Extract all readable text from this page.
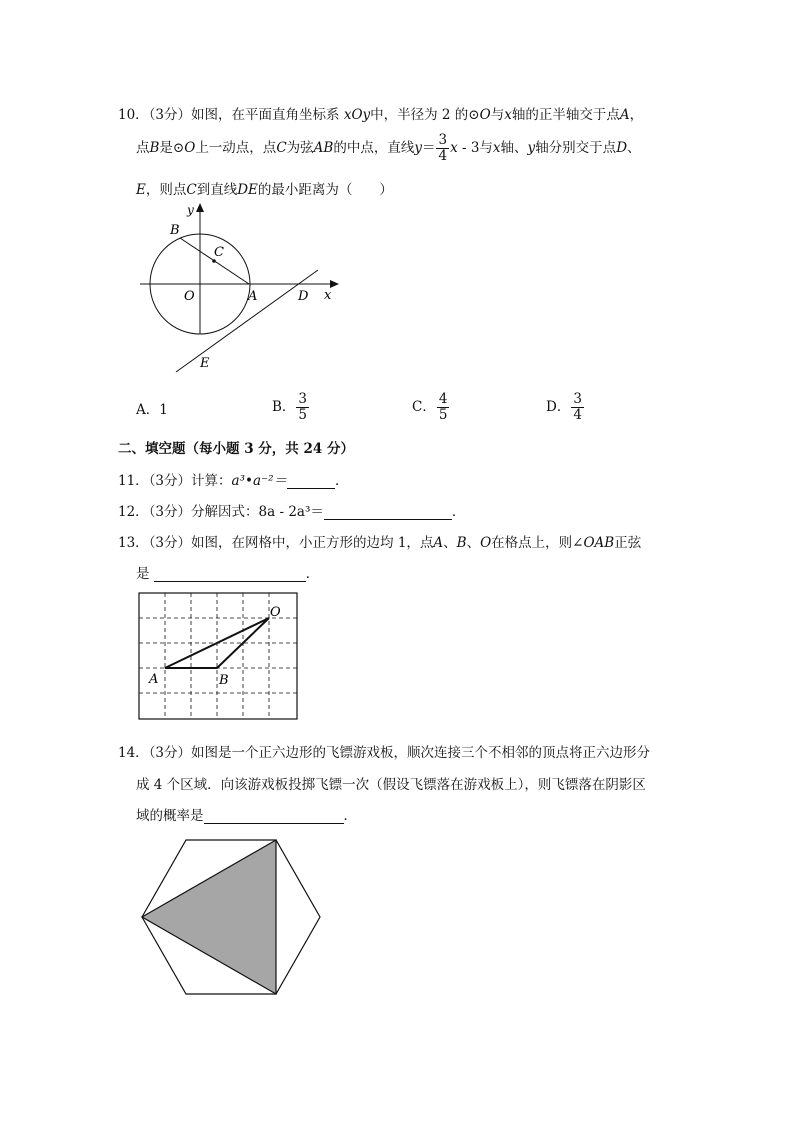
10．（3分）如图，在平面直角坐标系 xOy中，半径为 2 的⊙O与x轴的正半轴交于点A，
点B是⊙O上一动点，点C为弦AB的中点，直线$y= \frac{3}{4}$ x - 3与x轴、y轴分别交于点D、
E，则点C到直线DE的最小距离为（　　）
y
B
C
O	A	D x
E
A．1	B． $\frac{3}{5}$	C． $\frac{4}{5}$	D． $\frac{3}{4}$
二、填空题（每小题 3 分，共 24 分）
11．（3分）计算：a³•a⁻²＝	．
12．（3分）分解因式：8a - 2a³＝	．
13．（3分）如图，在网格中，小正方形的边均 1，点A、B、O在格点上，则∠OAB正弦
是	．
A	B
O
14．（3分）如图是一个正六边形的飞镖游戏板，顺次连接三个不相邻的顶点将正六边形分
成 4 个区域．向该游戏板投掷飞镖一次（假设飞镖落在游戏板上），则飞镖落在阴影区
域的概率是	．
